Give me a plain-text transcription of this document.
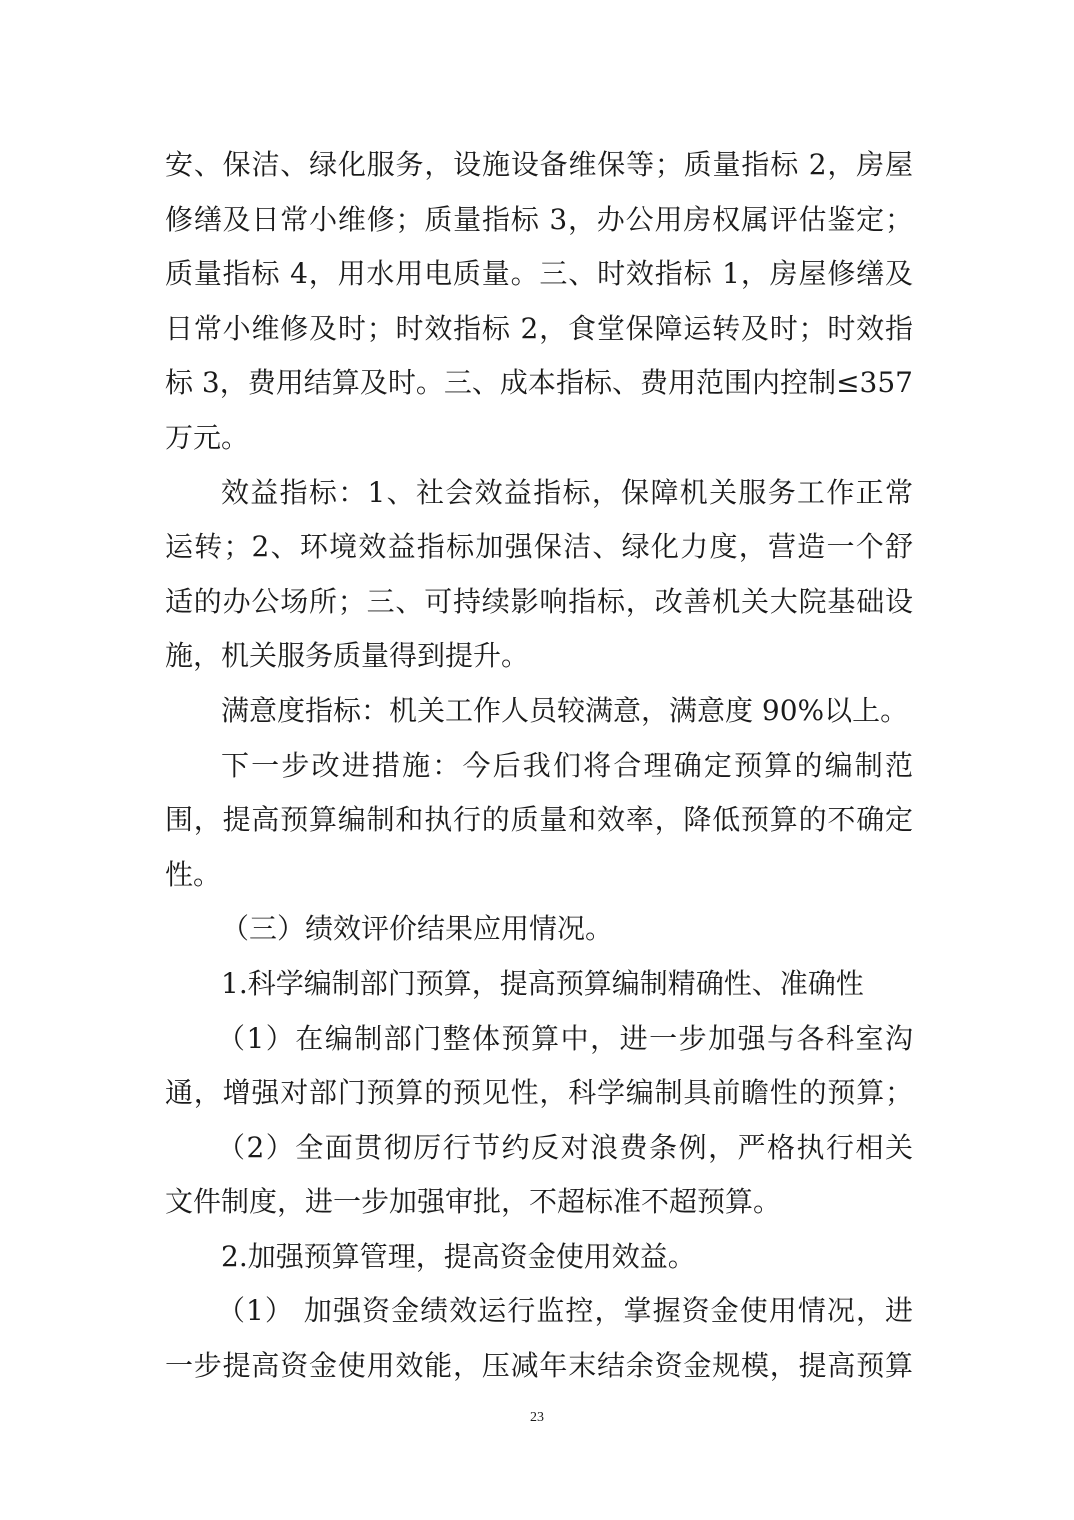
安、保洁、绿化服务，设施设备维保等；质量指标 2，房屋
修缮及日常小维修；质量指标 3，办公用房权属评估鉴定；
质量指标 4，用水用电质量。三、时效指标 1，房屋修缮及
日常小维修及时；时效指标 2，食堂保障运转及时；时效指
标 3，费用结算及时。三、成本指标、费用范围内控制≤357
万元。
效益指标：1、社会效益指标，保障机关服务工作正常
运转；2、环境效益指标加强保洁、绿化力度，营造一个舒
适的办公场所；三、可持续影响指标，改善机关大院基础设
施，机关服务质量得到提升。
满意度指标：机关工作人员较满意，满意度 90%以上。
下一步改进措施：今后我们将合理确定预算的编制范
围，提高预算编制和执行的质量和效率，降低预算的不确定
性。
（三）绩效评价结果应用情况。
1.科学编制部门预算，提高预算编制精确性、准确性
（1）在编制部门整体预算中，进一步加强与各科室沟
通，增强对部门预算的预见性，科学编制具前瞻性的预算；
（2）全面贯彻厉行节约反对浪费条例，严格执行相关
文件制度，进一步加强审批，不超标准不超预算。
2.加强预算管理，提高资金使用效益。
（1） 加强资金绩效运行监控，掌握资金使用情况，进
一步提高资金使用效能，压减年末结余资金规模，提高预算
23
